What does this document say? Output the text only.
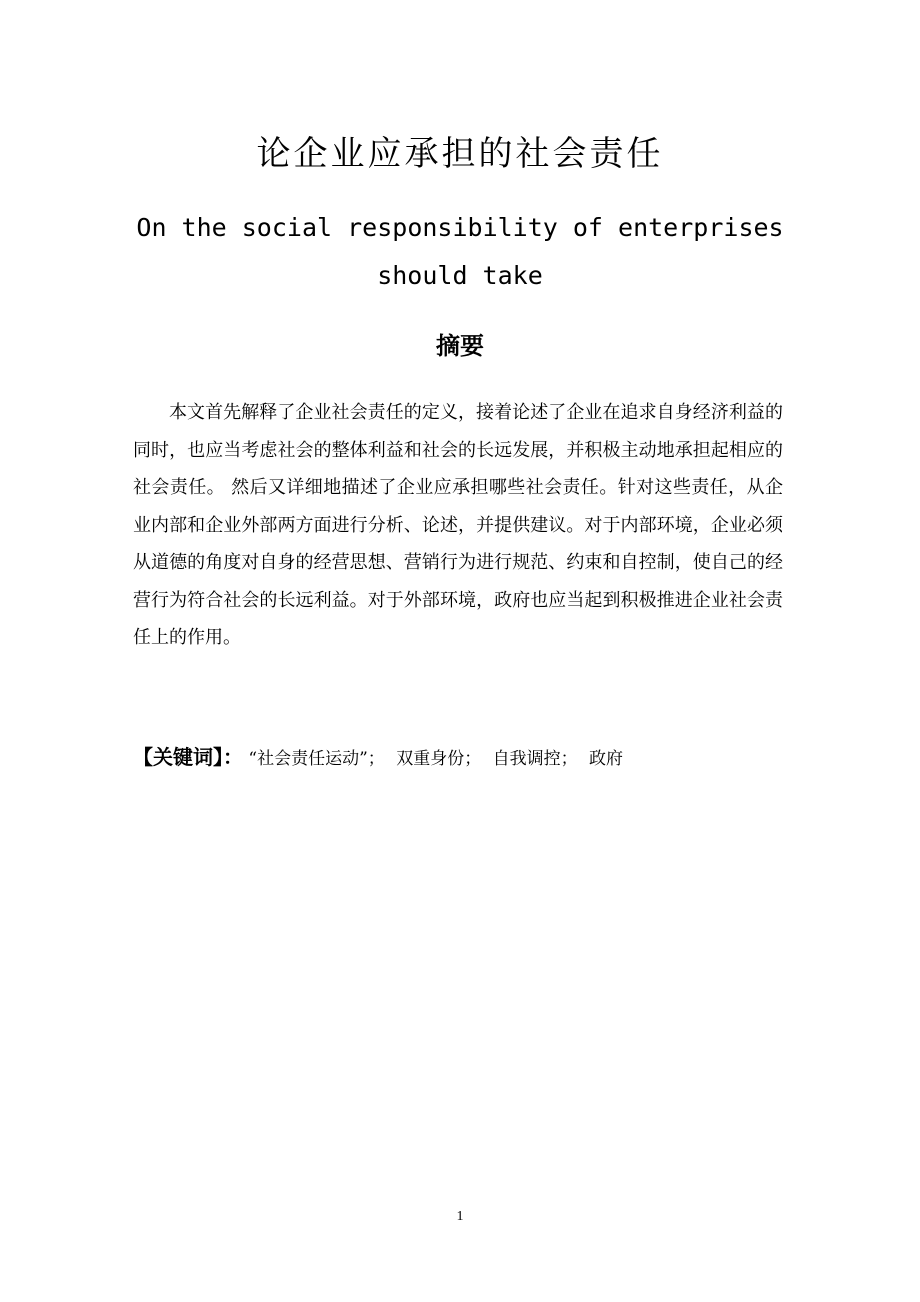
论企业应承担的社会责任
On the social responsibility of enterprises should take
摘要

本文首先解释了企业社会责任的定义，接着论述了企业在追求自身经济利益的同时，也应当考虑社会的整体利益和社会的长远发展，并积极主动地承担起相应的社会责任。 然后又详细地描述了企业应承担哪些社会责任。针对这些责任，从企业内部和企业外部两方面进行分析、论述，并提供建议。对于内部环境，企业必须从道德的角度对自身的经营思想、营销行为进行规范、约束和自控制，使自己的经营行为符合社会的长远利益。对于外部环境，政府也应当起到积极推进企业社会责任上的作用。

【关键词】： “社会责任运动”； 双重身份； 自我调控； 政府
1
